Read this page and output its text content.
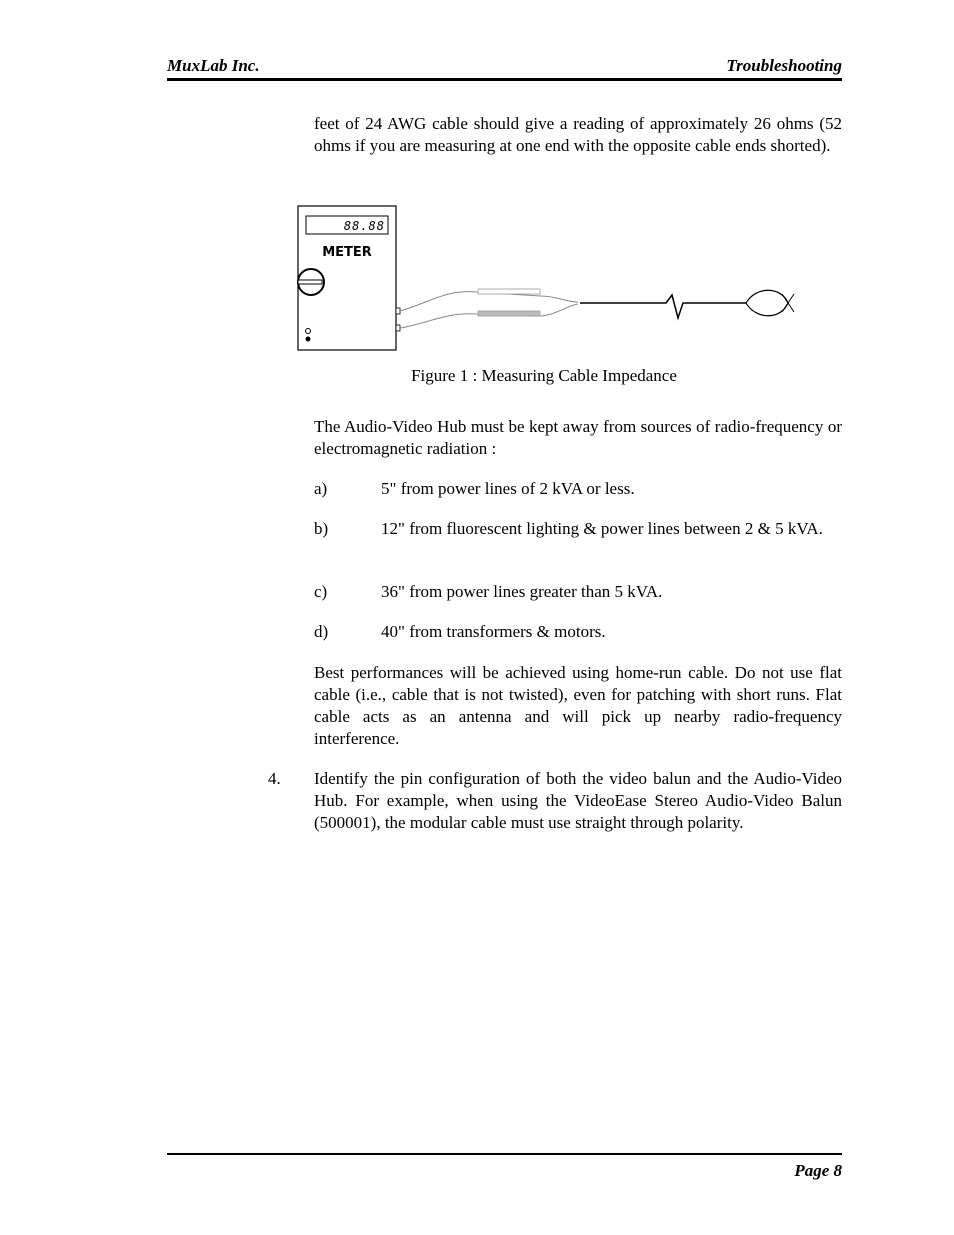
MuxLab Inc.	Troubleshooting

feet of 24 AWG cable should give a reading of approximately 26 ohms (52 ohms if you are measuring at one end with the opposite cable ends shorted).

88.88
METER
Figure 1 : Measuring Cable Impedance

The Audio-Video Hub must be kept away from sources of radio-frequency or electromagnetic radiation :

a)	5" from power lines of 2 kVA or less.
b)	12" from fluorescent lighting & power lines between 2 & 5 kVA.
c)	36" from power lines greater than 5 kVA.
d)	40" from transformers & motors.

Best performances will be achieved using home-run cable. Do not use flat cable (i.e., cable that is not twisted), even for patching with short runs. Flat cable acts as an antenna and will pick up nearby radio-frequency interference.

4. Identify the pin configuration of both the video balun and the Audio-Video Hub. For example, when using the VideoEase Stereo Audio-Video Balun (500001), the modular cable must use straight through polarity.
Page 8
